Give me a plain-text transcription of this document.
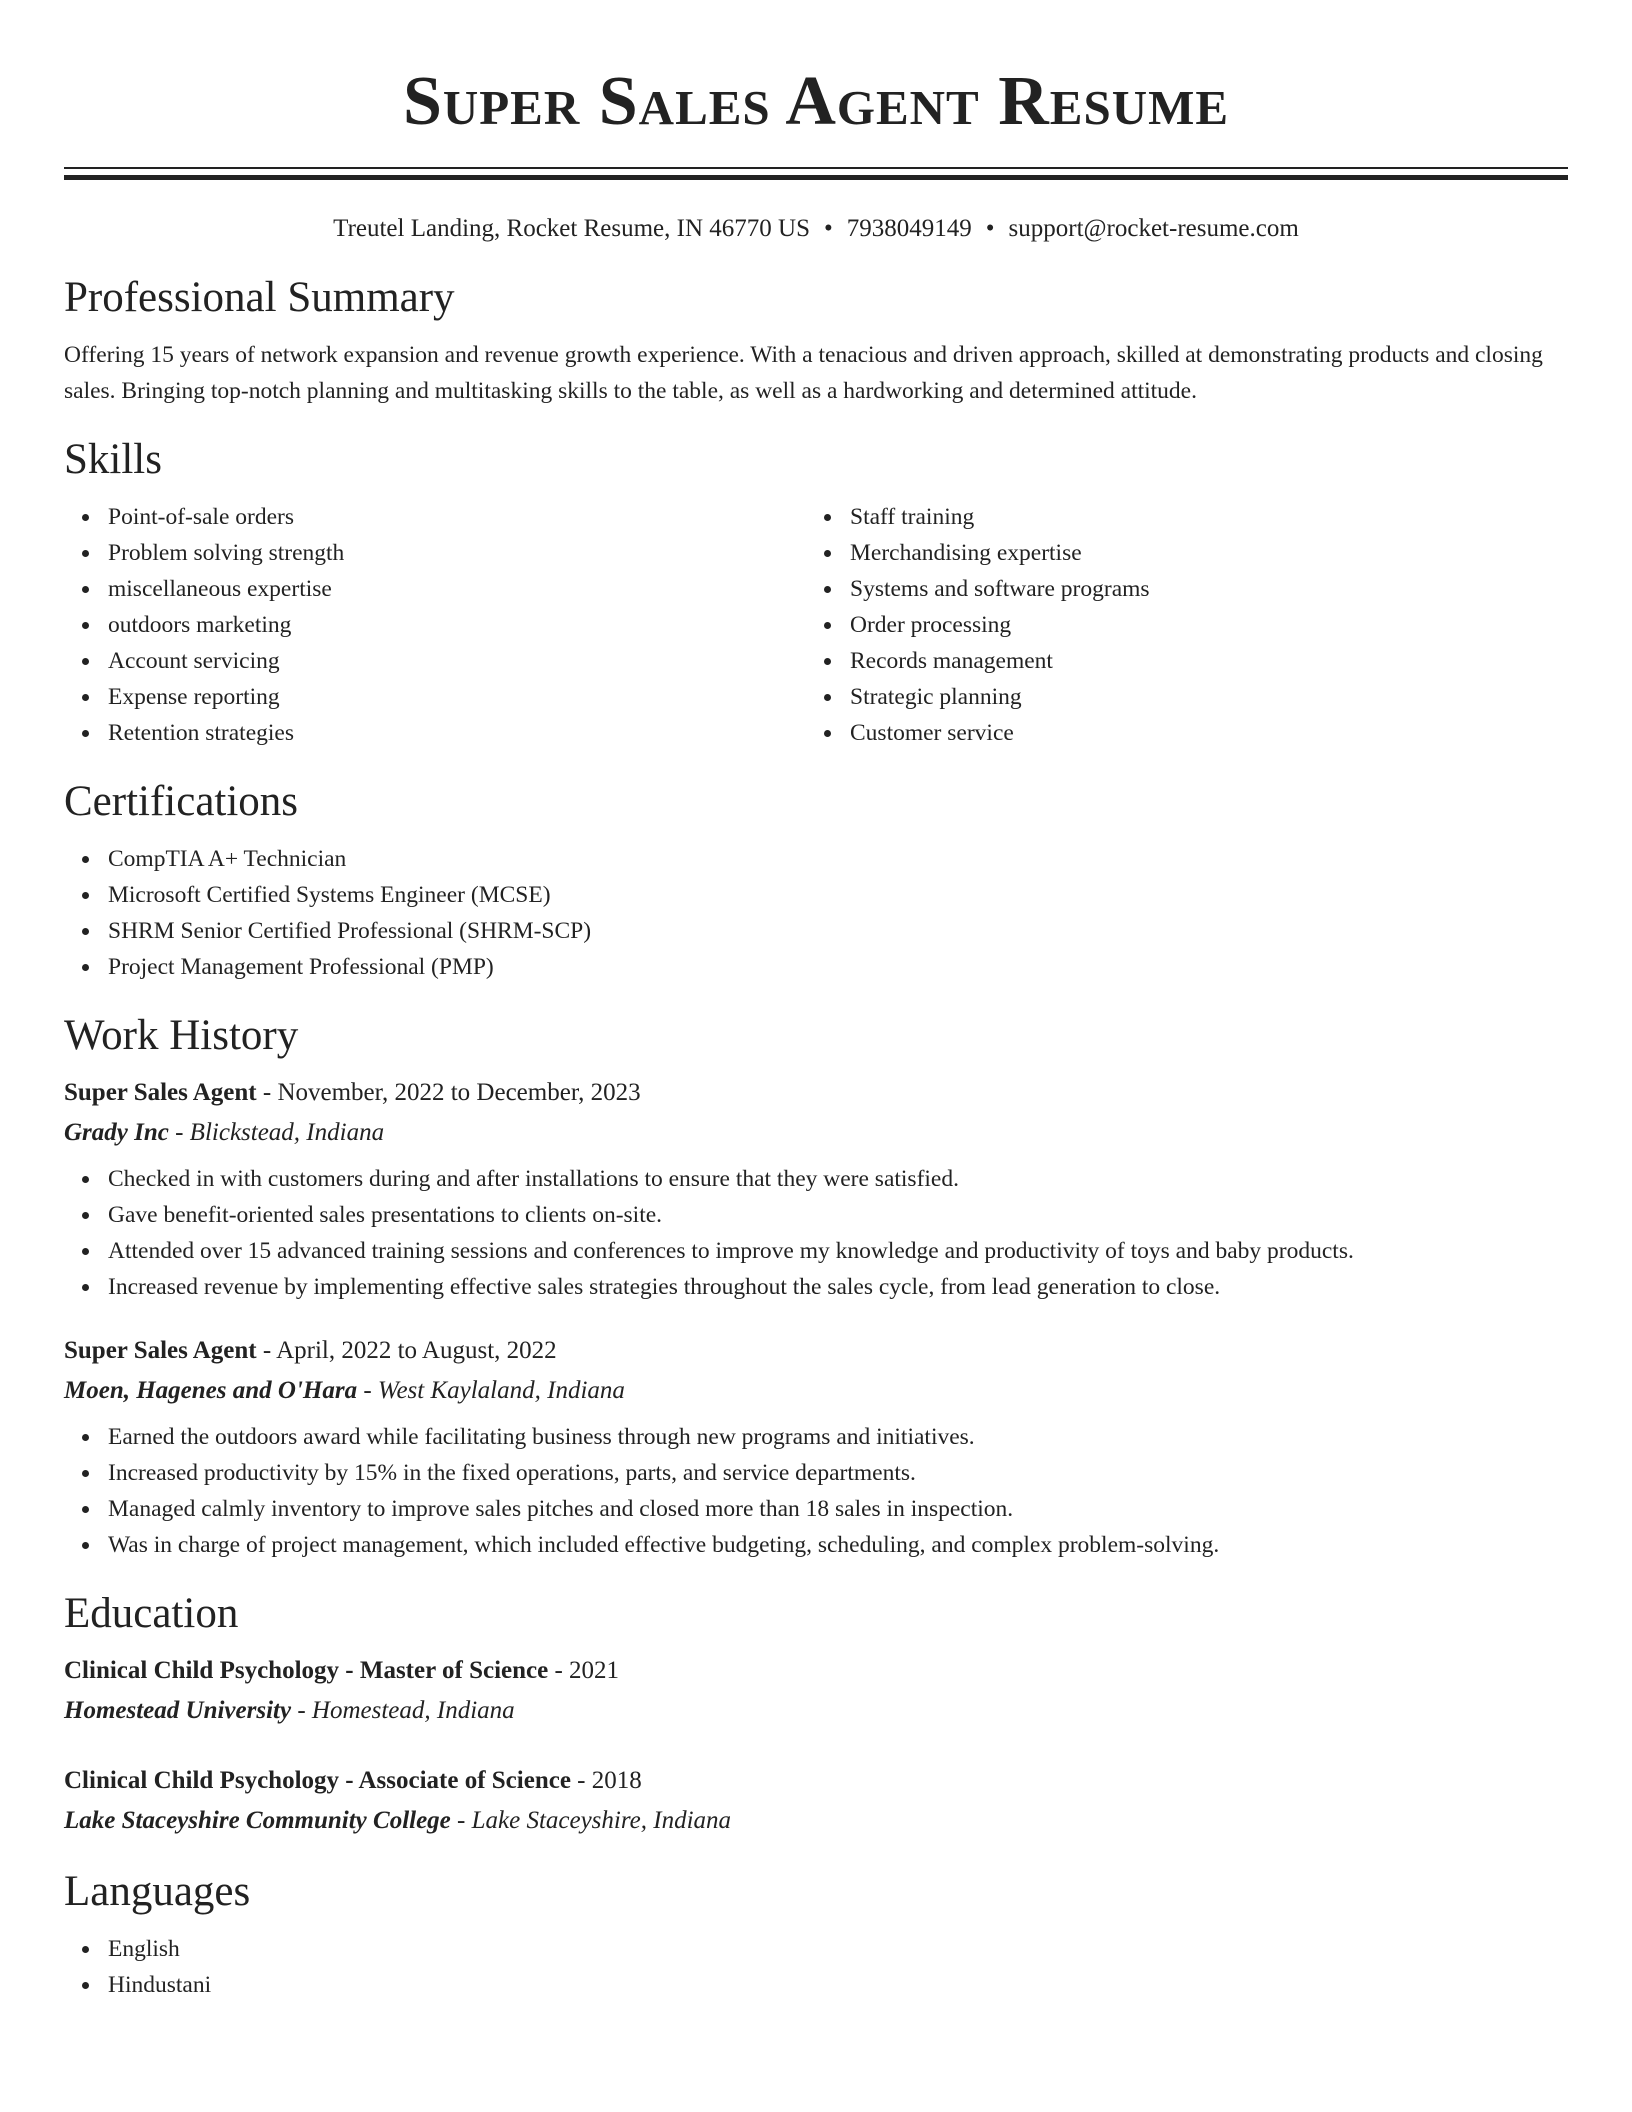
Super Sales Agent Resume
Treutel Landing, Rocket Resume, IN 46770 US • 7938049149 • support@rocket-resume.com
Professional Summary

Offering 15 years of network expansion and revenue growth experience. With a tenacious and driven approach, skilled at demonstrating products and closing sales. Bringing top-notch planning and multitasking skills to the table, as well as a hardworking and determined attitude.

Skills
Point-of-sale orders
Problem solving strength
miscellaneous expertise
outdoors marketing
Account servicing
Expense reporting
Retention strategies
Staff training
Merchandising expertise
Systems and software programs
Order processing
Records management
Strategic planning
Customer service
Certifications
CompTIA A+ Technician
Microsoft Certified Systems Engineer (MCSE)
SHRM Senior Certified Professional (SHRM-SCP)
Project Management Professional (PMP)
Work History
Super Sales Agent - November, 2022 to December, 2023
Grady Inc - Blickstead, Indiana
Checked in with customers during and after installations to ensure that they were satisfied.
Gave benefit-oriented sales presentations to clients on-site.
Attended over 15 advanced training sessions and conferences to improve my knowledge and productivity of toys and baby products.
Increased revenue by implementing effective sales strategies throughout the sales cycle, from lead generation to close.
Super Sales Agent - April, 2022 to August, 2022
Moen, Hagenes and O'Hara - West Kaylaland, Indiana
Earned the outdoors award while facilitating business through new programs and initiatives.
Increased productivity by 15% in the fixed operations, parts, and service departments.
Managed calmly inventory to improve sales pitches and closed more than 18 sales in inspection.
Was in charge of project management, which included effective budgeting, scheduling, and complex problem-solving.
Education
Clinical Child Psychology - Master of Science - 2021
Homestead University - Homestead, Indiana
Clinical Child Psychology - Associate of Science - 2018
Lake Staceyshire Community College - Lake Staceyshire, Indiana
Languages
English
Hindustani
